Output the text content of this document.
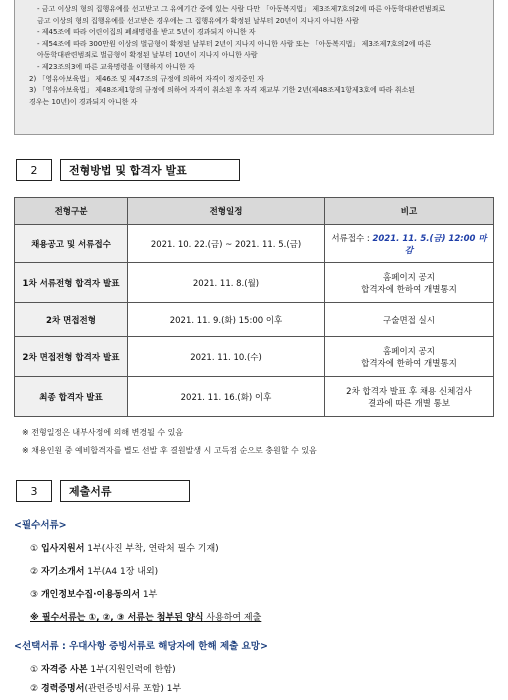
- 금고 이상의 형의 집행유예를 선고받고 그 유예기간 중에 있는 사람 다만 「아동복지법」 제3조제7호의2에 따른 아동학대관련범죄로
금고 이상의 형의 집행유예를 선고받은 경우에는 그 집행유예가 확정된 날부터 20년이 지나지 아니한 사람
- 제45조에 따라 어린이집의 폐쇄명령을 받고 5년이 경과되지 아니한 자
- 제54조에 따라 300만원 이상의 벌금형이 확정된 날부터 2년이 지나지 아니한 사람 또는 「아동복지법」 제3조제7호의2에 따른
아동학대관련범죄로 벌금형이 확정된 날부터 10년이 지나지 아니한 사람
- 제23조의3에 따른 교육명령을 이행하지 아니한 자
2) 「영유아보육법」 제46조 및 제47조의 규정에 의하여 자격이 정지중인 자
3) 「영유아보육법」 제48조제1항의 규정에 의하여 자격이 취소된 후 자격 재교부 기한 2년(제48조제1항제3호에 따라 취소된
경우는 10년)이 경과되지 아니한 자
2	전형방법 및 합격자 발표
전형구분	전형일정	비고
채용공고 및 서류접수	2021. 10. 22.(금) ~ 2021. 11. 5.(금)	서류접수 : 2021. 11. 5.(금) 12:00 마감
1차 서류전형 합격자 발표	2021. 11. 8.(월)	홈페이지 공지
합격자에 한하여 개별통지

2차 면접전형	2021. 11. 9.(화) 15:00 이후	구술면접 실시
2차 면접전형 합격자 발표	2021. 11. 10.(수)	홈페이지 공지
합격자에 한하여 개별통지

최종 합격자 발표	2021. 11. 16.(화) 이후	2차 합격자 발표 후 채용 신체검사
결과에 따른 개별 통보
※ 전형일정은 내부사정에 의해 변경될 수 있음
※ 채용인원 중 예비합격자를 별도 선발 후 결원발생 시 고득점 순으로 충원할 수 있음
3	제출서류
<필수서류>
① 입사지원서 1부(사진 부착, 연락처 필수 기재)
② 자기소개서 1부(A4 1장 내외)
③ 개인정보수집·이용동의서 1부
※ 필수서류는 ①, ②, ③ 서류는 첨부된 양식 사용하여 제출
<선택서류 : 우대사항 증빙서류로 해당자에 한해 제출 요망>
① 자격증 사본 1부(지원인력에 한함)
② 경력증명서(관련증빙서류 포함) 1부
